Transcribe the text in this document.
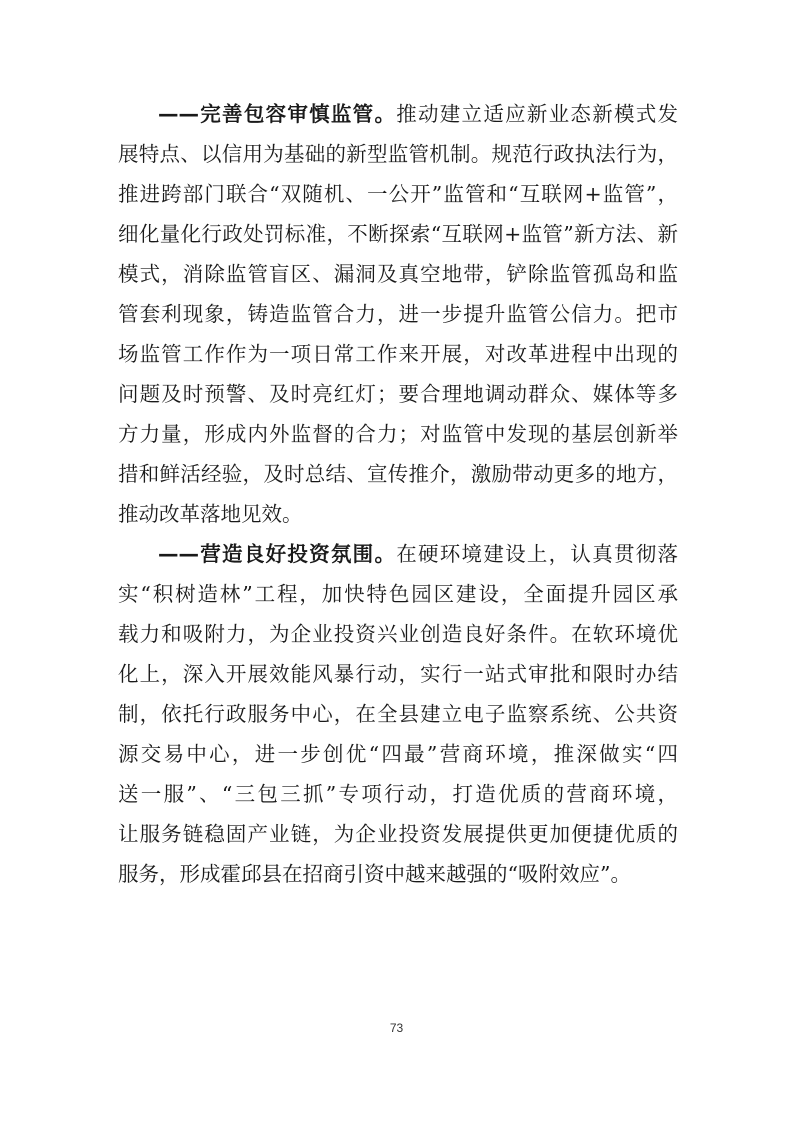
——完善包容审慎监管。推动建立适应新业态新模式发
展特点、以信用为基础的新型监管机制。规范行政执法行为，
推进跨部门联合“双随机、一公开”监管和“互联网+监管”，
细化量化行政处罚标准，不断探索“互联网+监管”新方法、新
模式，消除监管盲区、漏洞及真空地带，铲除监管孤岛和监
管套利现象，铸造监管合力，进一步提升监管公信力。把市
场监管工作作为一项日常工作来开展，对改革进程中出现的
问题及时预警、及时亮红灯；要合理地调动群众、媒体等多
方力量，形成内外监督的合力；对监管中发现的基层创新举
措和鲜活经验，及时总结、宣传推介，激励带动更多的地方，
推动改革落地见效。
——营造良好投资氛围。在硬环境建设上，认真贯彻落
实“积树造林”工程，加快特色园区建设，全面提升园区承
载力和吸附力，为企业投资兴业创造良好条件。在软环境优
化上，深入开展效能风暴行动，实行一站式审批和限时办结
制，依托行政服务中心，在全县建立电子监察系统、公共资
源交易中心，进一步创优“四最”营商环境，推深做实“四
送一服”、“三包三抓”专项行动，打造优质的营商环境，
让服务链稳固产业链，为企业投资发展提供更加便捷优质的
服务，形成霍邱县在招商引资中越来越强的“吸附效应”。
73
